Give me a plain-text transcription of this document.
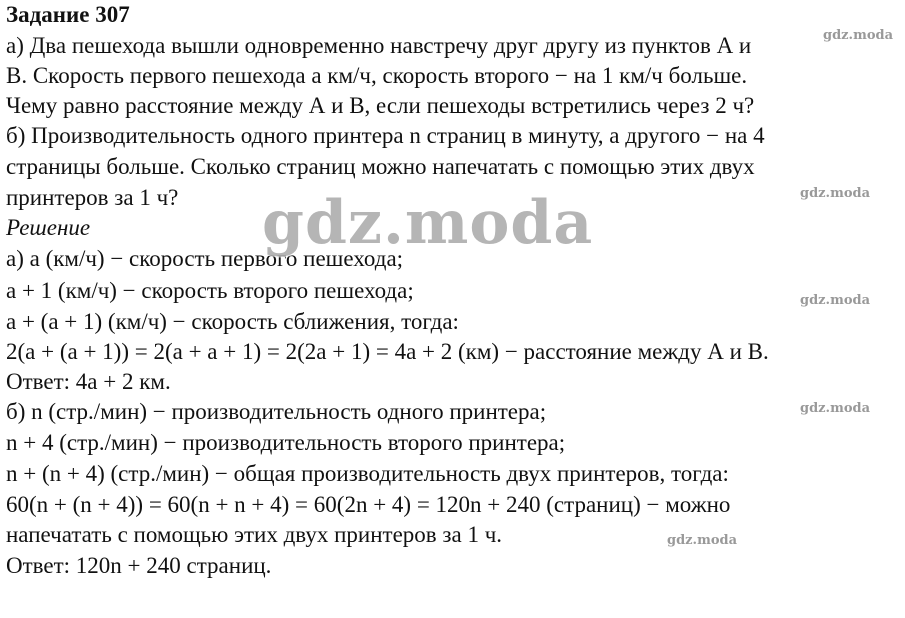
Задание 307
а) Два пешехода вышли одновременно навстречу друг другу из пунктов А и
В. Скорость первого пешехода а км/ч, скорость второго − на 1 км/ч больше.
Чему равно расстояние между А и В, если пешеходы встретились через 2 ч?
б) Производительность одного принтера n страниц в минуту, а другого − на 4
страницы больше. Сколько страниц можно напечатать с помощью этих двух
принтеров за 1 ч?
Решение
а) а (км/ч) − скорость первого пешехода;
а + 1 (км/ч) − скорость второго пешехода;
а + (а + 1) (км/ч) − скорость сближения, тогда:
2(а + (а + 1)) = 2(а + а + 1) = 2(2а + 1) = 4а + 2 (км) − расстояние между А и В.
Ответ: 4а + 2 км.
б) n (стр./мин) − производительность одного принтера;
n + 4 (стр./мин) − производительность второго принтера;
n + (n + 4) (стр./мин) − общая производительность двух принтеров, тогда:
60(n + (n + 4)) = 60(n + n + 4) = 60(2n + 4) = 120n + 240 (страниц) − можно
напечатать с помощью этих двух принтеров за 1 ч.
Ответ: 120n + 240 страниц.
gdz.moda
gdz.moda
gdz.moda
gdz.moda
gdz.moda
gdz.moda
